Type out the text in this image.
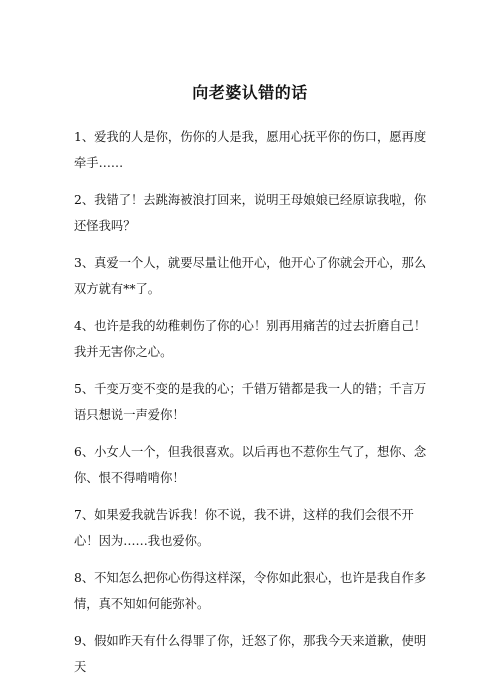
向老婆认错的话
1、爱我的人是你，伤你的人是我，愿用心抚平你的伤口，愿再度牵手……
2、我错了！去跳海被浪打回来，说明王母娘娘已经原谅我啦，你还怪我吗？
3、真爱一个人，就要尽量让他开心，他开心了你就会开心，那么双方就有**了。
4、也许是我的幼稚刺伤了你的心！别再用痛苦的过去折磨自己！我并无害你之心。
5、千变万变不变的是我的心；千错万错都是我一人的错；千言万语只想说一声爱你！
6、小女人一个，但我很喜欢。以后再也不惹你生气了，想你、念你、恨不得啃啃你！
7、如果爱我就告诉我！你不说，我不讲，这样的我们会很不开心！因为……我也爱你。
8、不知怎么把你心伤得这样深，令你如此狠心，也许是我自作多情，真不知如何能弥补。
9、假如昨天有什么得罪了你，迁怒了你，那我今天来道歉，使明天
